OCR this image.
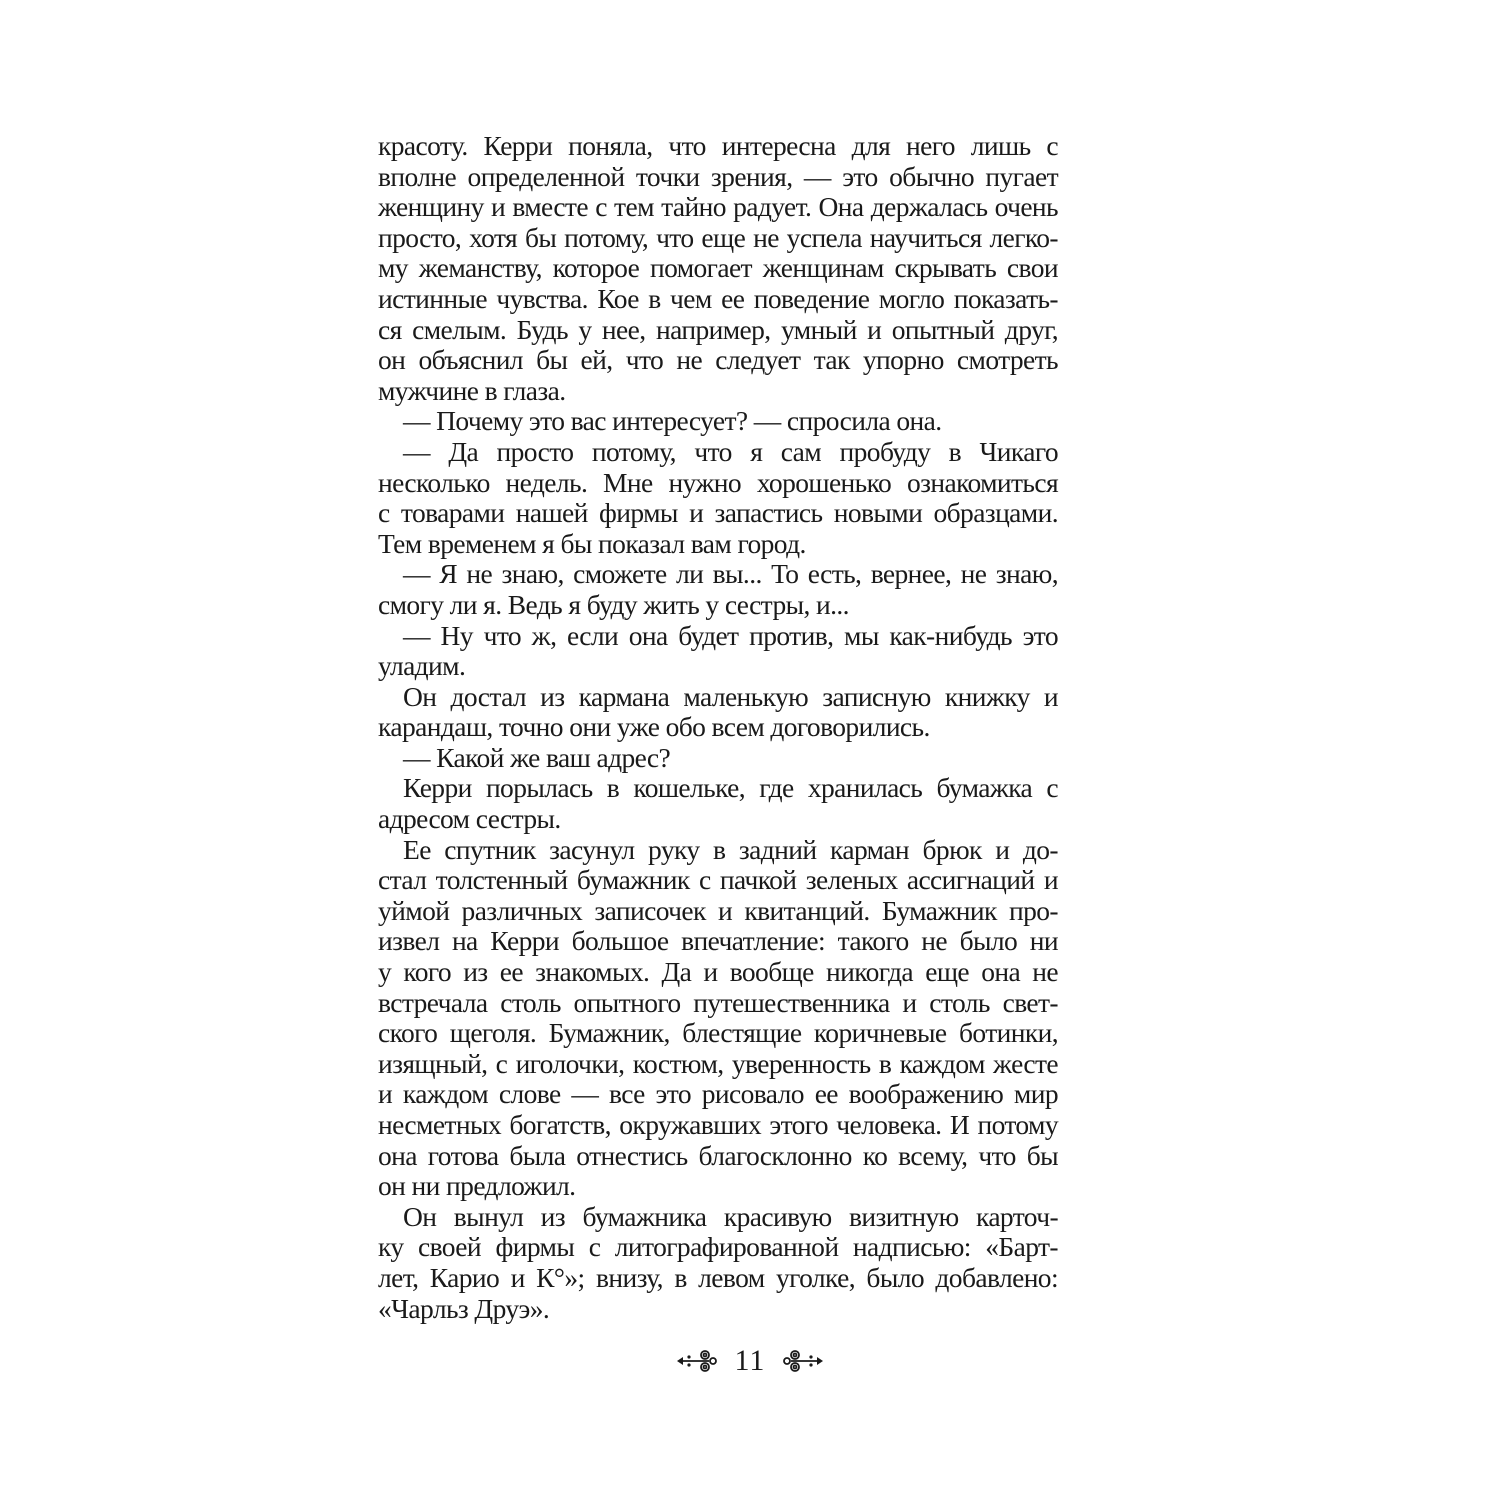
красоту. Керри поняла, что интересна для него лишь с
вполне определенной точки зрения, — это обычно пугает
женщину и вместе с тем тайно радует. Она держалась очень
просто, хотя бы потому, что еще не успела научиться легко-
му жеманству, которое помогает женщинам скрывать свои
истинные чувства. Кое в чем ее поведение могло показать-
ся смелым. Будь у нее, например, умный и опытный друг,
он объяснил бы ей, что не следует так упорно смотреть
мужчине в глаза.
— Почему это вас интересует? — спросила она.
— Да просто потому, что я сам пробуду в Чикаго
несколько недель. Мне нужно хорошенько ознакомиться
с товарами нашей фирмы и запастись новыми образцами.
Тем временем я бы показал вам город.
— Я не знаю, сможете ли вы... То есть, вернее, не знаю,
смогу ли я. Ведь я буду жить у сестры, и...
— Ну что ж, если она будет против, мы как-нибудь это
уладим.
Он достал из кармана маленькую записную книжку и
карандаш, точно они уже обо всем договорились.
— Какой же ваш адрес?
Керри порылась в кошельке, где хранилась бумажка с
адресом сестры.
Ее спутник засунул руку в задний карман брюк и до-
стал толстенный бумажник с пачкой зеленых ассигнаций и
уймой различных записочек и квитанций. Бумажник про-
извел на Керри большое впечатление: такого не было ни
у кого из ее знакомых. Да и вообще никогда еще она не
встречала столь опытного путешественника и столь свет-
ского щеголя. Бумажник, блестящие коричневые ботинки,
изящный, с иголочки, костюм, уверенность в каждом жесте
и каждом слове — все это рисовало ее воображению мир
несметных богатств, окружавших этого человека. И потому
она готова была отнестись благосклонно ко всему, что бы
он ни предложил.
Он вынул из бумажника красивую визитную карточ-
ку своей фирмы с литографированной надписью: «Барт-
лет, Карио и К°»; внизу, в левом уголке, было добавлено:
«Чарльз Друэ».
11
